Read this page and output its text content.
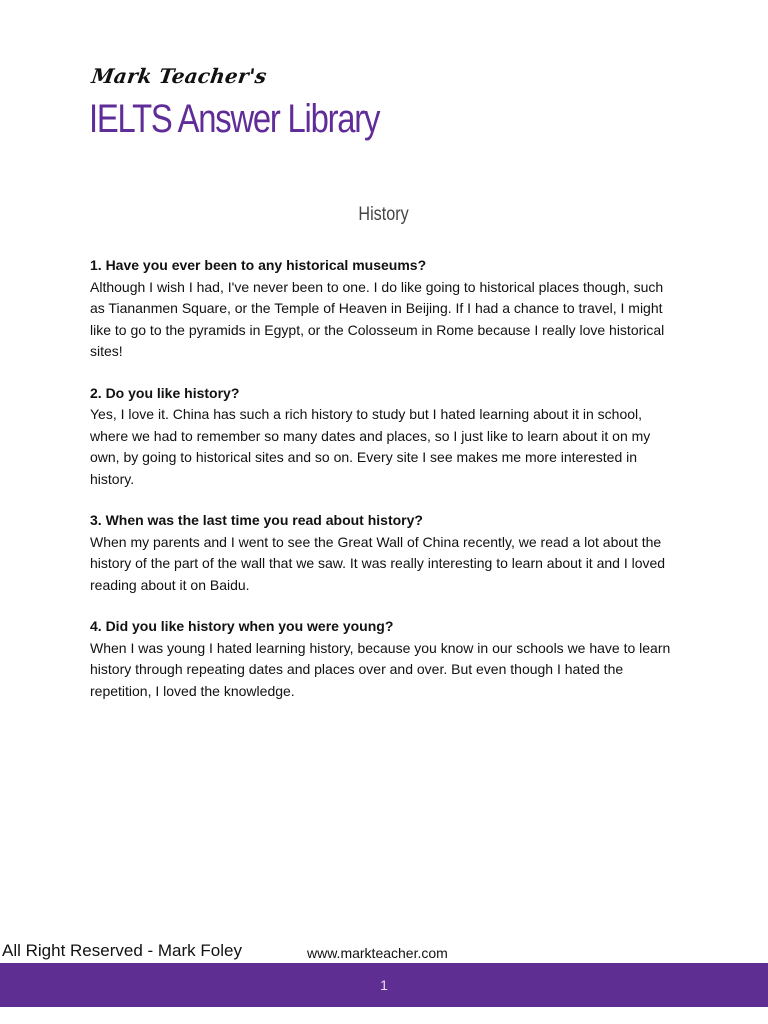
Mark Teacher's
IELTS Answer Library
History

1. Have you ever been to any historical museums?

Although I wish I had, I've never been to one. I do like going to historical places though, such as Tiananmen Square, or the Temple of Heaven in Beijing. If I had a chance to travel, I might like to go to the pyramids in Egypt, or the Colosseum in Rome because I really love historical sites!

2. Do you like history?

Yes, I love it. China has such a rich history to study but I hated learning about it in school, where we had to remember so many dates and places, so I just like to learn about it on my own, by going to historical sites and so on. Every site I see makes me more interested in history.

3. When was the last time you read about history?

When my parents and I went to see the Great Wall of China recently, we read a lot about the history of the part of the wall that we saw. It was really interesting to learn about it and I loved reading about it on Baidu.

4. Did you like history when you were young?

When I was young I hated learning history, because you know in our schools we have to learn history through repeating dates and places over and over. But even though I hated the repetition, I loved the knowledge.

All Right Reserved - Mark Foley	www.markteacher.com
1
